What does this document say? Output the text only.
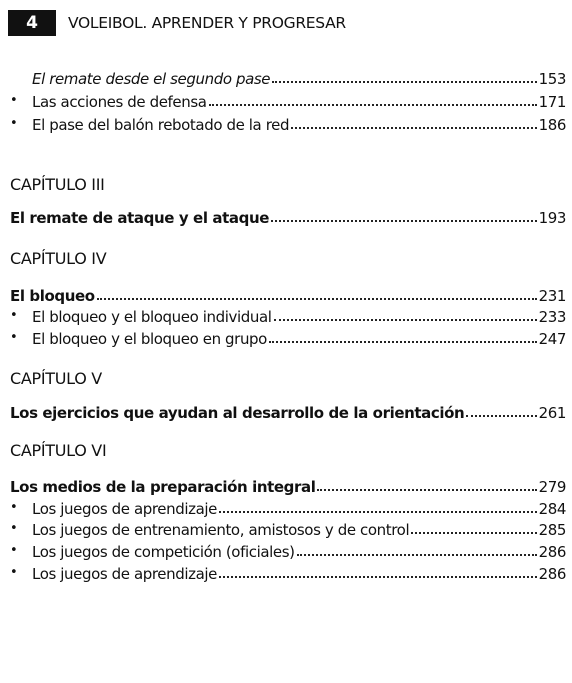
4	VOLEIBOL. APRENDER Y PROGRESAR
El remate desde el segundo pase	153
• Las acciones de defensa	171
• El pase del balón rebotado de la red	186
CAPÍTULO III
El remate de ataque y el ataque	193
CAPÍTULO IV
El bloqueo	231
• El bloqueo y el bloqueo individual	233
• El bloqueo y el bloqueo en grupo	247
CAPÍTULO V
Los ejercicios que ayudan al desarrollo de la orientación	261
CAPÍTULO VI
Los medios de la preparación integral	279
• Los juegos de aprendizaje	284
• Los juegos de entrenamiento, amistosos y de control	285
• Los juegos de competición (oficiales)	286
• Los juegos de aprendizaje	286
